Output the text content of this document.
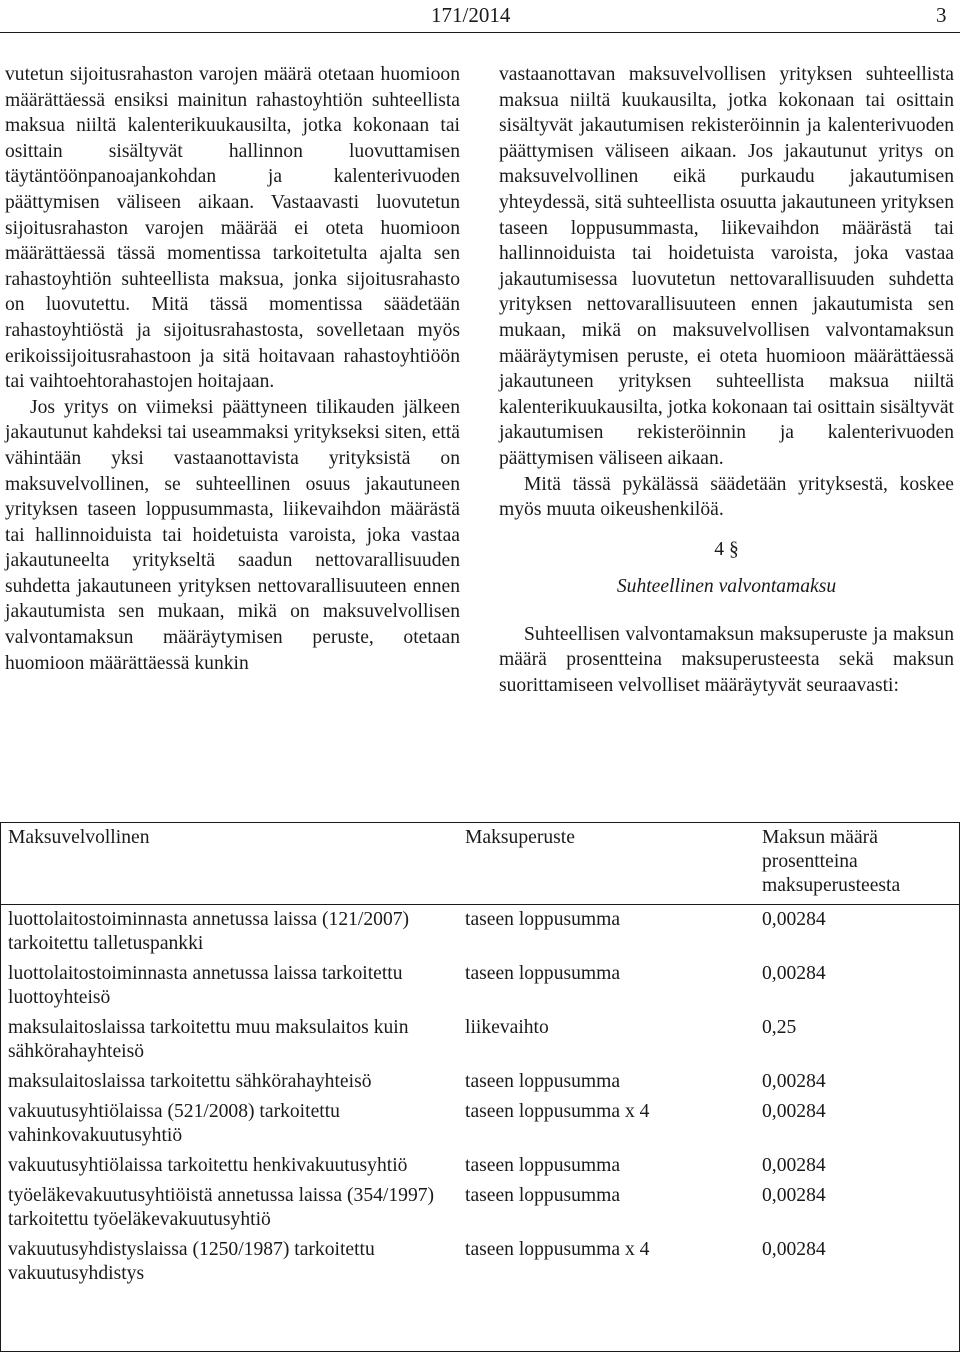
171/2014	3

vutetun sijoitusrahaston varojen määrä otetaan huomioon määrättäessä ensiksi mainitun rahastoyhtiön suhteellista maksua niiltä kalenterikuukausilta, jotka kokonaan tai osittain sisältyvät hallinnon luovuttamisen täytäntöönpanoajankohdan ja kalenterivuoden päättymisen väliseen aikaan. Vastaavasti luovutetun sijoitusrahaston varojen määrää ei oteta huomioon määrättäessä tässä momentissa tarkoitetulta ajalta sen rahastoyhtiön suhteellista maksua, jonka sijoitusrahasto on luovutettu. Mitä tässä momentissa säädetään rahastoyhtiöstä ja sijoitusrahastosta, sovelletaan myös erikoissijoitusrahastoon ja sitä hoitavaan rahastoyhtiöön tai vaihtoehtorahastojen hoitajaan.

Jos yritys on viimeksi päättyneen tilikauden jälkeen jakautunut kahdeksi tai useammaksi yritykseksi siten, että vähintään yksi vastaanottavista yrityksistä on maksuvelvollinen, se suhteellinen osuus jakautuneen yrityksen taseen loppusummasta, liikevaihdon määrästä tai hallinnoiduista tai hoidetuista varoista, joka vastaa jakautuneelta yritykseltä saadun nettovarallisuuden suhdetta jakautuneen yrityksen nettovarallisuuteen ennen jakautumista sen mukaan, mikä on maksuvelvollisen valvontamaksun määräytymisen peruste, otetaan huomioon määrättäessä kunkin

vastaanottavan maksuvelvollisen yrityksen suhteellista maksua niiltä kuukausilta, jotka kokonaan tai osittain sisältyvät jakautumisen rekisteröinnin ja kalenterivuoden päättymisen väliseen aikaan. Jos jakautunut yritys on maksuvelvollinen eikä purkaudu jakautumisen yhteydessä, sitä suhteellista osuutta jakautuneen yrityksen taseen loppusummasta, liikevaihdon määrästä tai hallinnoiduista tai hoidetuista varoista, joka vastaa jakautumisessa luovutetun nettovarallisuuden suhdetta yrityksen nettovarallisuuteen ennen jakautumista sen mukaan, mikä on maksuvelvollisen valvontamaksun määräytymisen peruste, ei oteta huomioon määrättäessä jakautuneen yrityksen suhteellista maksua niiltä kalenterikuukausilta, jotka kokonaan tai osittain sisältyvät jakautumisen rekisteröinnin ja kalenterivuoden päättymisen väliseen aikaan.

Mitä tässä pykälässä säädetään yrityksestä, koskee myös muuta oikeushenkilöä.

4 §
Suhteellinen valvontamaksu

Suhteellisen valvontamaksun maksuperuste ja maksun määrä prosentteina maksuperusteesta sekä maksun suorittamiseen velvolliset määräytyvät seuraavasti:

Maksuvelvollinen	Maksuperuste	Maksun määrä prosentteina maksuperusteesta
luottolaitostoiminnasta annetussa laissa (121/2007) tarkoitettu talletuspankki	taseen loppusumma	0,00284
luottolaitostoiminnasta annetussa laissa tarkoitettu luottoyhteisö	taseen loppusumma	0,00284
maksulaitoslaissa tarkoitettu muu maksulaitos kuin sähkörahayhteisö	liikevaihto	0,25
maksulaitoslaissa tarkoitettu sähkörahayhteisö	taseen loppusumma	0,00284
vakuutusyhtiölaissa (521/2008) tarkoitettu vahinkovakuutusyhtiö	taseen loppusumma x 4	0,00284
vakuutusyhtiölaissa tarkoitettu henkivakuutusyhtiö	taseen loppusumma	0,00284
työeläkevakuutusyhtiöistä annetussa laissa (354/1997) tarkoitettu työeläkevakuutusyhtiö	taseen loppusumma	0,00284
vakuutusyhdistyslaissa (1250/1987) tarkoitettu vakuutusyhdistys	taseen loppusumma x 4	0,00284
